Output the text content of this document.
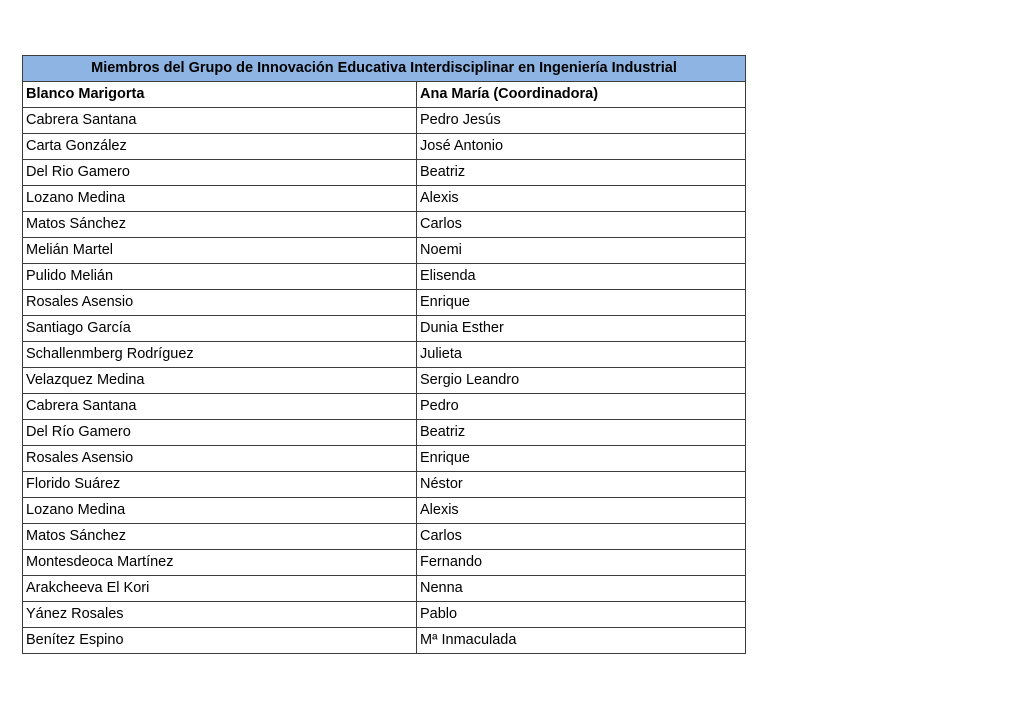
Miembros del Grupo de Innovación Educativa Interdisciplinar en Ingeniería Industrial	
Blanco Marigorta	Ana María (Coordinadora)
Cabrera Santana	Pedro Jesús
Carta González	José Antonio
Del Rio Gamero	Beatriz
Lozano Medina	Alexis
Matos Sánchez	Carlos
Melián Martel	Noemi
Pulido Melián	Elisenda
Rosales Asensio	Enrique
Santiago García	Dunia Esther
Schallenmberg Rodríguez	Julieta
Velazquez Medina	Sergio Leandro
Cabrera Santana	Pedro
Del Río Gamero	Beatriz
Rosales Asensio	Enrique
Florido Suárez	Néstor
Lozano Medina	Alexis
Matos Sánchez	Carlos
Montesdeoca Martínez	Fernando
Arakcheeva El Kori	Nenna
Yánez Rosales	Pablo
Benítez Espino	Mª Inmaculada
